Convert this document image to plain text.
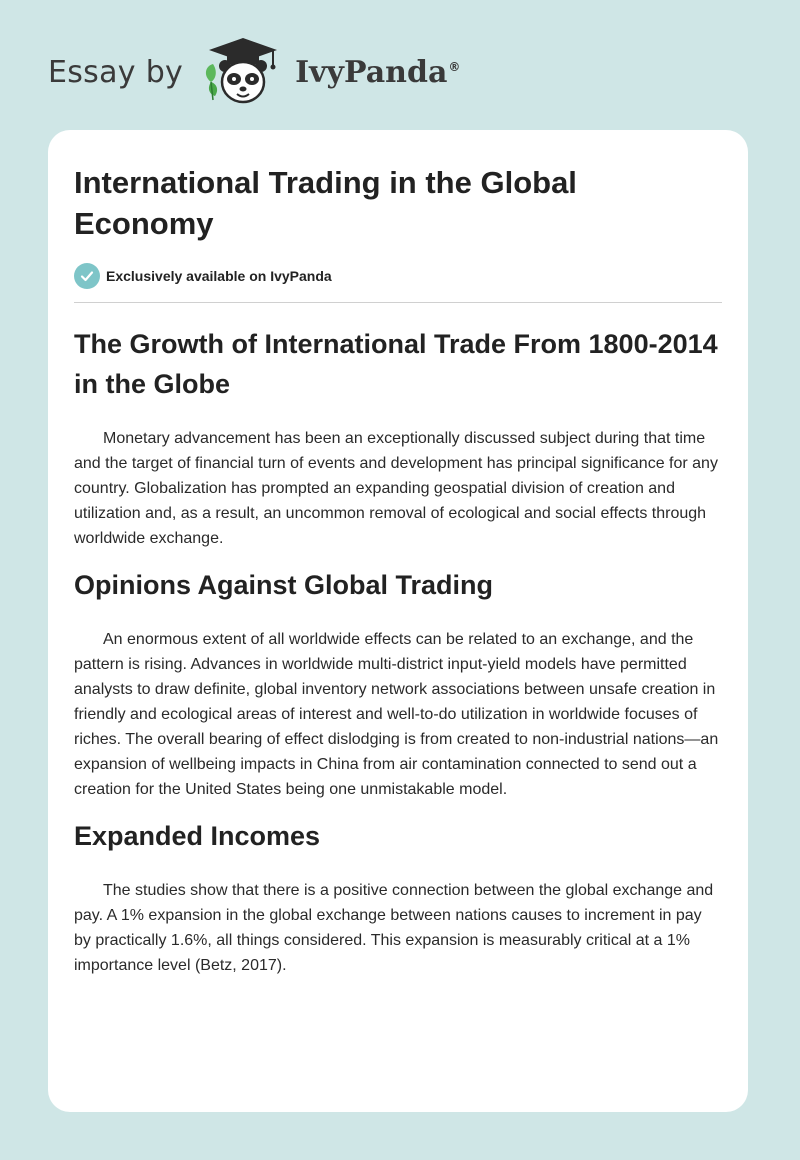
Essay by	IvyPanda®
International Trading in the Global Economy
Exclusively available on IvyPanda
The Growth of International Trade From 1800-2014 in the Globe

Monetary advancement has been an exceptionally discussed subject during that time and the target of financial turn of events and development has principal significance for any country. Globalization has prompted an expanding geospatial division of creation and utilization and, as a result, an uncommon removal of ecological and social effects through worldwide exchange.

Opinions Against Global Trading

An enormous extent of all worldwide effects can be related to an exchange, and the pattern is rising. Advances in worldwide multi-district input-yield models have permitted analysts to draw definite, global inventory network associations between unsafe creation in friendly and ecological areas of interest and well-to-do utilization in worldwide focuses of riches. The overall bearing of effect dislodging is from created to non-industrial nations—an expansion of wellbeing impacts in China from air contamination connected to send out a creation for the United States being one unmistakable model.

Expanded Incomes

The studies show that there is a positive connection between the global exchange and pay. A 1% expansion in the global exchange between nations causes to increment in pay by practically 1.6%, all things considered. This expansion is measurably critical at a 1% importance level (Betz, 2017).
